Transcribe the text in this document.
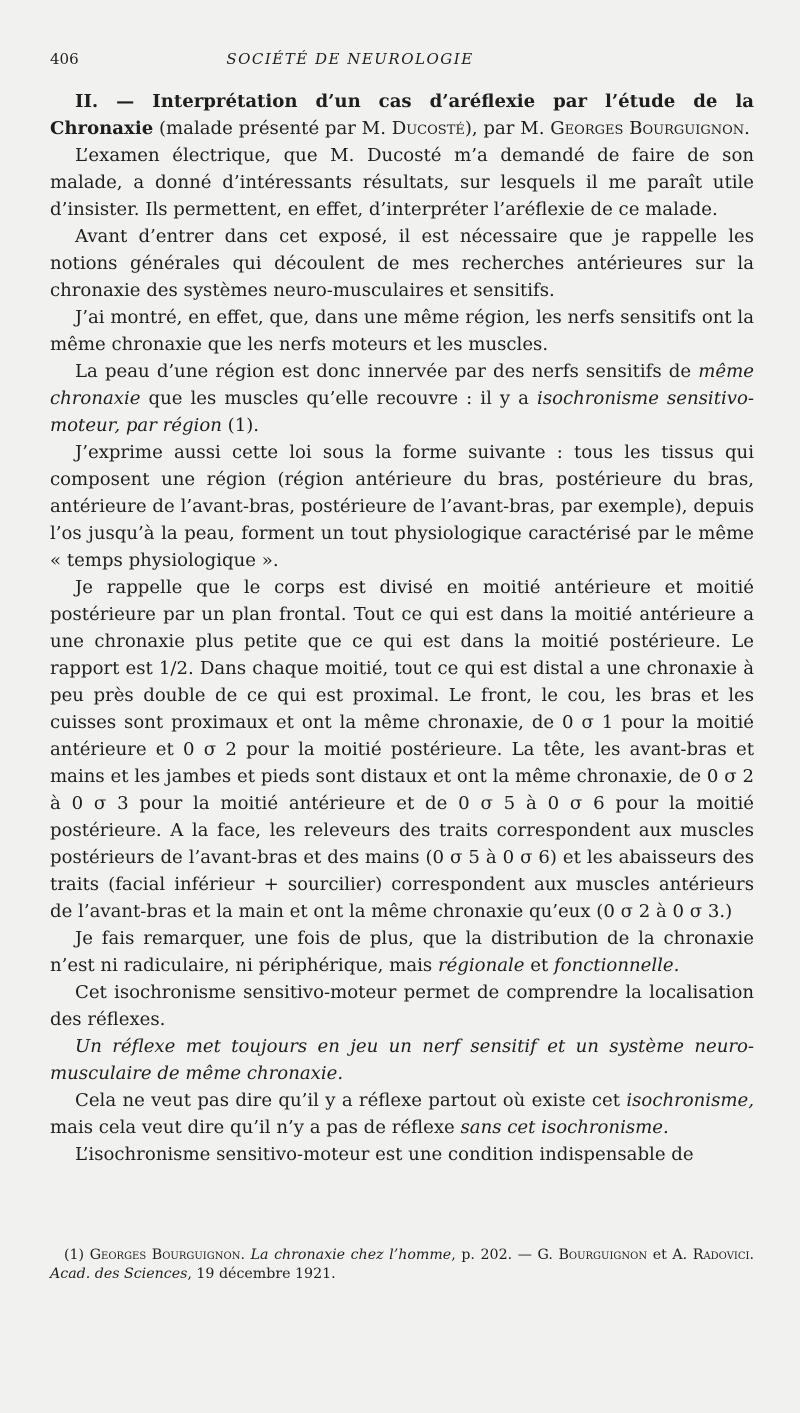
406	SOCIÉTÉ DE NEUROLOGIE

II. — Interprétation d’un cas d’aréflexie par l’étude de la Chronaxie (malade présenté par M. Ducosté), par M. Georges Bourguignon.

L’examen électrique, que M. Ducosté m’a demandé de faire de son malade, a donné d’intéressants résultats, sur lesquels il me paraît utile d’insister. Ils permettent, en effet, d’interpréter l’aréflexie de ce malade.

Avant d’entrer dans cet exposé, il est nécessaire que je rappelle les notions générales qui découlent de mes recherches antérieures sur la chronaxie des systèmes neuro-musculaires et sensitifs.

J’ai montré, en effet, que, dans une même région, les nerfs sensitifs ont la même chronaxie que les nerfs moteurs et les muscles.

La peau d’une région est donc innervée par des nerfs sensitifs de même chronaxie que les muscles qu’elle recouvre : il y a isochronisme sensitivo-moteur, par région (1).

J’exprime aussi cette loi sous la forme suivante : tous les tissus qui composent une région (région antérieure du bras, postérieure du bras, antérieure de l’avant-bras, postérieure de l’avant-bras, par exemple), depuis l’os jusqu’à la peau, forment un tout physiologique caractérisé par le même « temps physiologique ».

Je rappelle que le corps est divisé en moitié antérieure et moitié postérieure par un plan frontal. Tout ce qui est dans la moitié antérieure a une chronaxie plus petite que ce qui est dans la moitié postérieure. Le rapport est 1/2. Dans chaque moitié, tout ce qui est distal a une chronaxie à peu près double de ce qui est proximal. Le front, le cou, les bras et les cuisses sont proximaux et ont la même chronaxie, de 0 σ 1 pour la moitié antérieure et 0 σ 2 pour la moitié postérieure. La tête, les avant-bras et mains et les jambes et pieds sont distaux et ont la même chronaxie, de 0 σ 2 à 0 σ 3 pour la moitié antérieure et de 0 σ 5 à 0 σ 6 pour la moitié postérieure. A la face, les releveurs des traits correspondent aux muscles postérieurs de l’avant-bras et des mains (0 σ 5 à 0 σ 6) et les abaisseurs des traits (facial inférieur + sourcilier) correspondent aux muscles antérieurs de l’avant-bras et la main et ont la même chronaxie qu’eux (0 σ 2 à 0 σ 3.)

Je fais remarquer, une fois de plus, que la distribution de la chronaxie n’est ni radiculaire, ni périphérique, mais régionale et fonctionnelle.

Cet isochronisme sensitivo-moteur permet de comprendre la localisation des réflexes.

Un réflexe met toujours en jeu un nerf sensitif et un système neuro-musculaire de même chronaxie.

Cela ne veut pas dire qu’il y a réflexe partout où existe cet isochronisme, mais cela veut dire qu’il n’y a pas de réflexe sans cet isochronisme.

L’isochronisme sensitivo-moteur est une condition indispensable de

(1) Georges Bourguignon. La chronaxie chez l’homme, p. 202. — G. Bourguignon et A. Radovici. Acad. des Sciences, 19 décembre 1921.
